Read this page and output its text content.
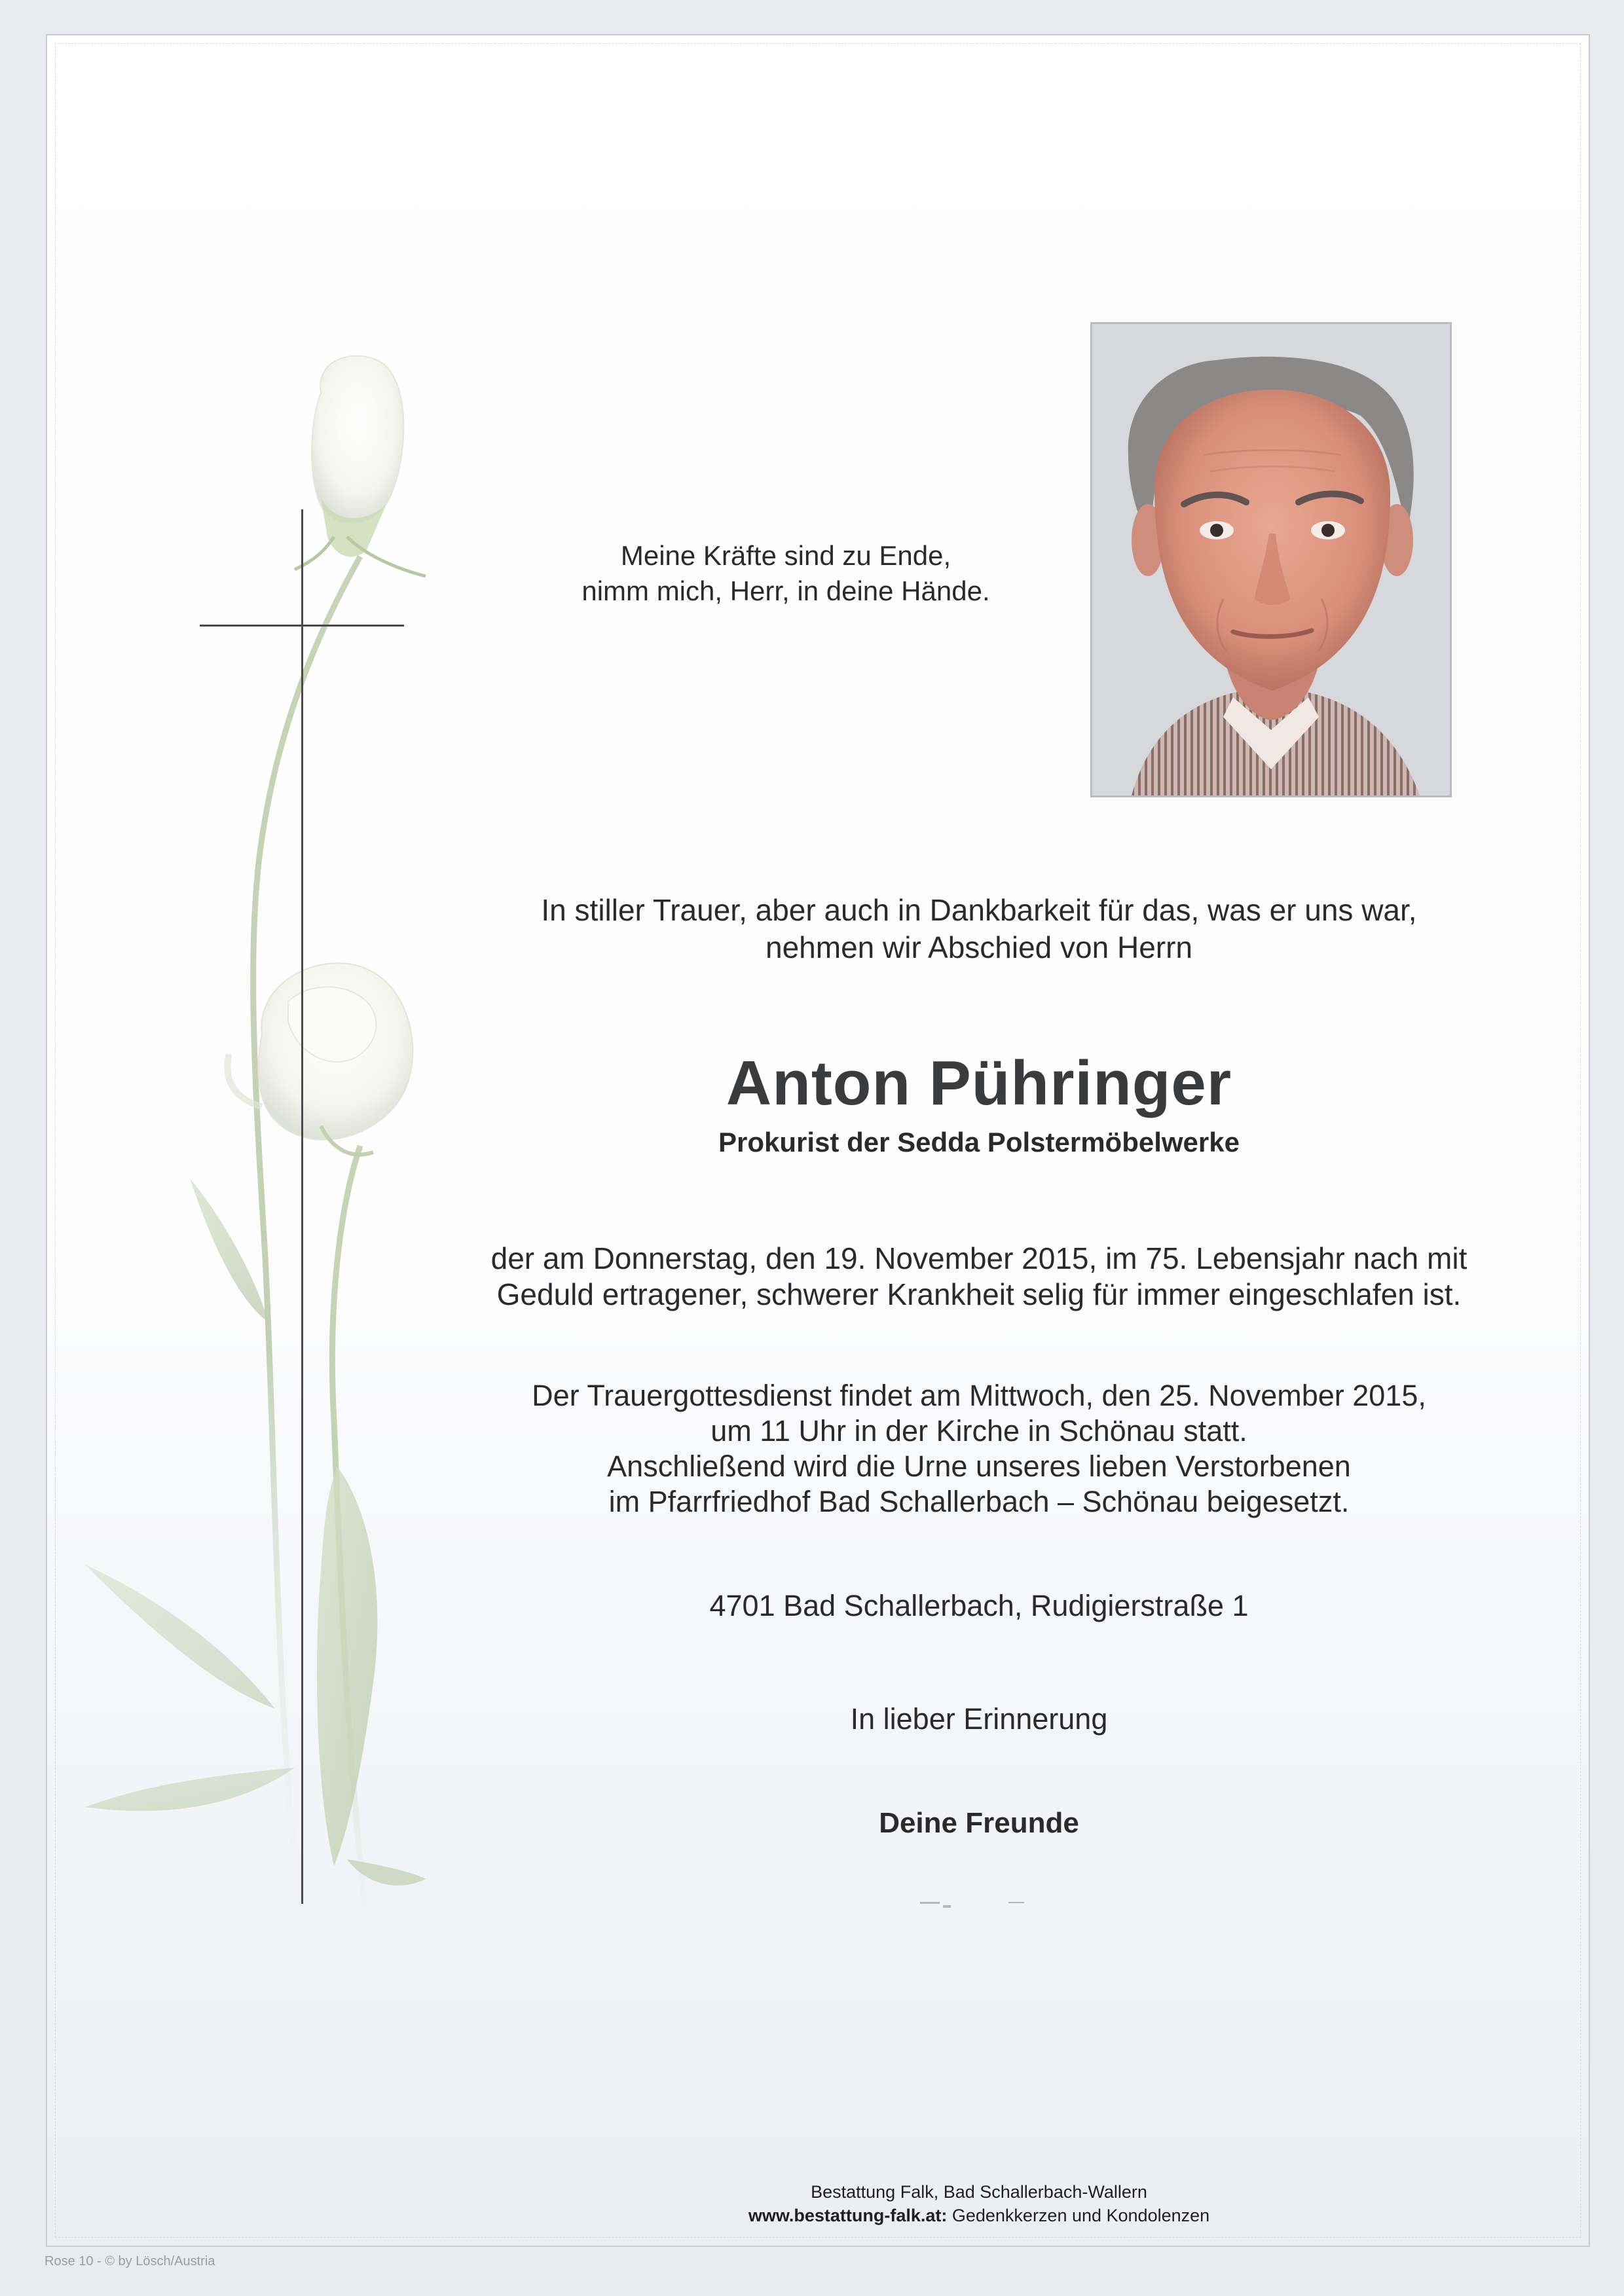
Meine Kräfte sind zu Ende,
nimm mich, Herr, in deine Hände.
In stiller Trauer, aber auch in Dankbarkeit für das, was er uns war,
nehmen wir Abschied von Herrn
Anton Pühringer
Prokurist der Sedda Polstermöbelwerke
der am Donnerstag, den 19. November 2015, im 75. Lebensjahr nach mit
Geduld ertragener, schwerer Krankheit selig für immer eingeschlafen ist.
Der Trauergottesdienst findet am Mittwoch, den 25. November 2015,
um 11 Uhr in der Kirche in Schönau statt.
Anschließend wird die Urne unseres lieben Verstorbenen
im Pfarrfriedhof Bad Schallerbach – Schönau beigesetzt.
4701 Bad Schallerbach, Rudigierstraße 1
In lieber Erinnerung
Deine Freunde
Bestattung Falk, Bad Schallerbach-Wallern
www.bestattung-falk.at: Gedenkkerzen und Kondolenzen
Rose 10 - © by Lösch/Austria
